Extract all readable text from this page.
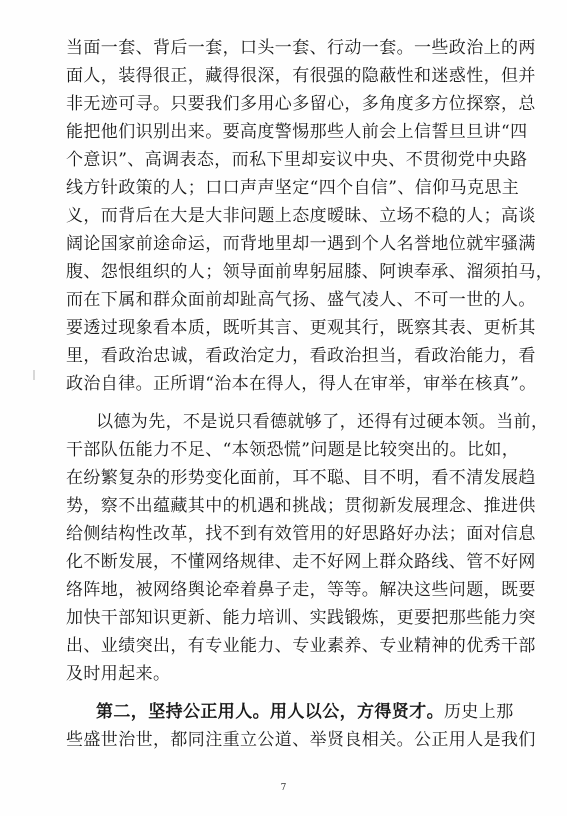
当面一套、背后一套，口头一套、行动一套。一些政治上的两
面人，装得很正，藏得很深，有很强的隐蔽性和迷惑性，但并
非无迹可寻。只要我们多用心多留心，多角度多方位探察，总
能把他们识别出来。要高度警惕那些人前会上信誓旦旦讲“四
个意识”、高调表态，而私下里却妄议中央、不贯彻党中央路
线方针政策的人；口口声声坚定“四个自信”、信仰马克思主
义，而背后在大是大非问题上态度暧昧、立场不稳的人；高谈
阔论国家前途命运，而背地里却一遇到个人名誉地位就牢骚满
腹、怨恨组织的人；领导面前卑躬屈膝、阿谀奉承、溜须拍马，
而在下属和群众面前却趾高气扬、盛气凌人、不可一世的人。
要透过现象看本质，既听其言、更观其行，既察其表、更析其
里，看政治忠诚，看政治定力，看政治担当，看政治能力，看
政治自律。正所谓“治本在得人，得人在审举，审举在核真”。
以德为先，不是说只看德就够了，还得有过硬本领。当前，
干部队伍能力不足、“本领恐慌”问题是比较突出的。比如，
在纷繁复杂的形势变化面前，耳不聪、目不明，看不清发展趋
势，察不出蕴藏其中的机遇和挑战；贯彻新发展理念、推进供
给侧结构性改革，找不到有效管用的好思路好办法；面对信息
化不断发展，不懂网络规律、走不好网上群众路线、管不好网
络阵地，被网络舆论牵着鼻子走，等等。解决这些问题，既要
加快干部知识更新、能力培训、实践锻炼，更要把那些能力突
出、业绩突出，有专业能力、专业素养、专业精神的优秀干部
及时用起来。
第二，坚持公正用人。用人以公，方得贤才。历史上那
些盛世治世，都同注重立公道、举贤良相关。公正用人是我们
7
